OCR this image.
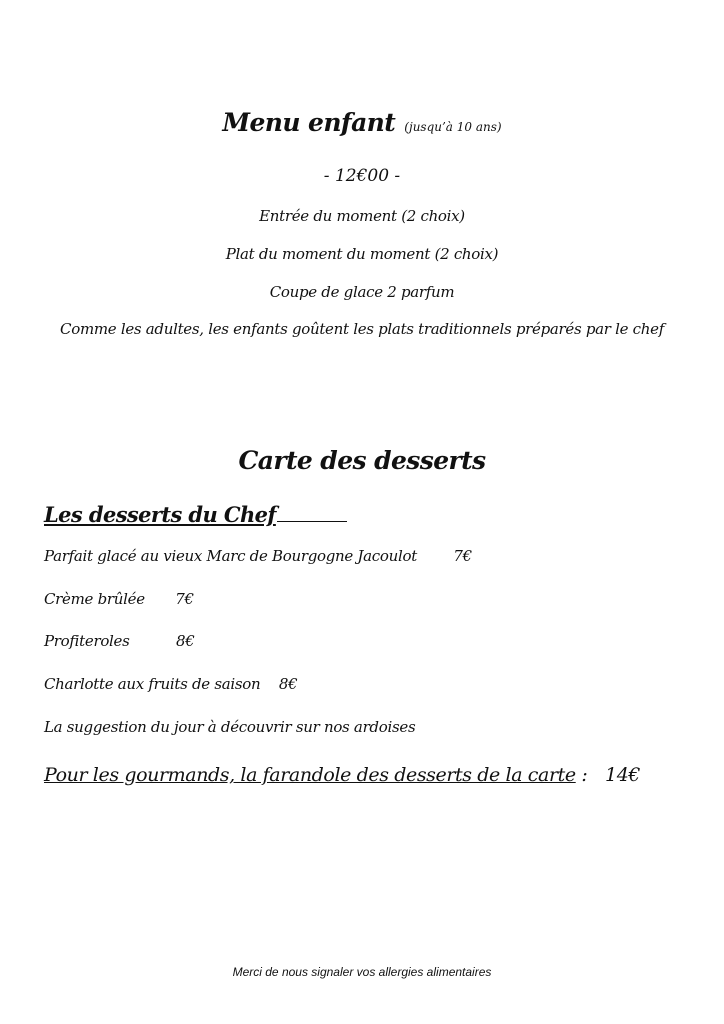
Menu enfant (jusqu’à 10 ans)
- 12€00 -
Entrée du moment (2 choix)
Plat du moment du moment (2 choix)
Coupe de glace 2 parfum
Comme les adultes, les enfants goûtent les plats traditionnels préparés par le chef
Carte des desserts
Les desserts du Chef
Parfait glacé au vieux Marc de Bourgogne Jacoulot 7€
Crème brûlée 7€
Profiteroles	8€
Charlotte aux fruits de saison 8€
La suggestion du jour à découvrir sur nos ardoises
Pour les gourmands, la farandole des desserts de la carte : 14€
Merci de nous signaler vos allergies alimentaires
